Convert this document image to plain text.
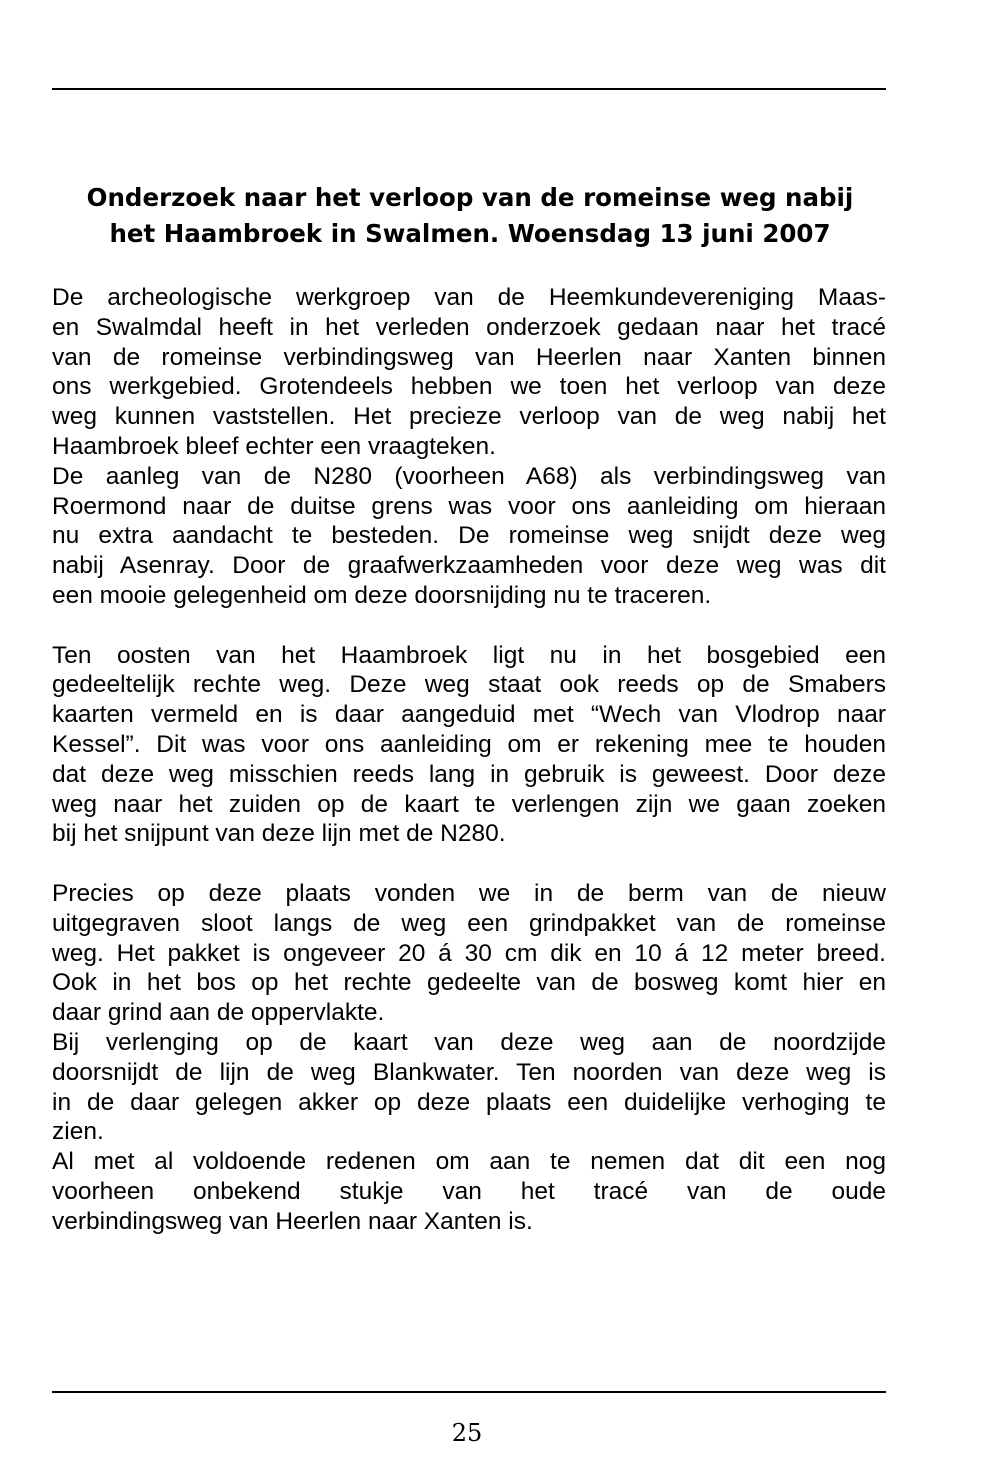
Onderzoek naar het verloop van de romeinse weg nabij
het Haambroek in Swalmen. Woensdag 13 juni 2007

De archeologische werkgroep van de Heemkundevereniging Maas-
en Swalmdal heeft in het verleden onderzoek gedaan naar het tracé
van de romeinse verbindingsweg van Heerlen naar Xanten binnen
ons werkgebied. Grotendeels hebben we toen het verloop van deze
weg kunnen vaststellen. Het precieze verloop van de weg nabij het
Haambroek bleef echter een vraagteken.

De aanleg van de N280 (voorheen A68) als verbindingsweg van
Roermond naar de duitse grens was voor ons aanleiding om hieraan
nu extra aandacht te besteden. De romeinse weg snijdt deze weg
nabij Asenray. Door de graafwerkzaamheden voor deze weg was dit
een mooie gelegenheid om deze doorsnijding nu te traceren.

Ten oosten van het Haambroek ligt nu in het bosgebied een
gedeeltelijk rechte weg. Deze weg staat ook reeds op de Smabers
kaarten vermeld en is daar aangeduid met “Wech van Vlodrop naar
Kessel”. Dit was voor ons aanleiding om er rekening mee te houden
dat deze weg misschien reeds lang in gebruik is geweest. Door deze
weg naar het zuiden op de kaart te verlengen zijn we gaan zoeken
bij het snijpunt van deze lijn met de N280.

Precies op deze plaats vonden we in de berm van de nieuw
uitgegraven sloot langs de weg een grindpakket van de romeinse
weg. Het pakket is ongeveer 20 á 30 cm dik en 10 á 12 meter breed.
Ook in het bos op het rechte gedeelte van de bosweg komt hier en
daar grind aan de oppervlakte.

Bij verlenging op de kaart van deze weg aan de noordzijde
doorsnijdt de lijn de weg Blankwater. Ten noorden van deze weg is
in de daar gelegen akker op deze plaats een duidelijke verhoging te
zien.

Al met al voldoende redenen om aan te nemen dat dit een nog
voorheen onbekend stukje van het tracé van de oude
verbindingsweg van Heerlen naar Xanten is.

25
